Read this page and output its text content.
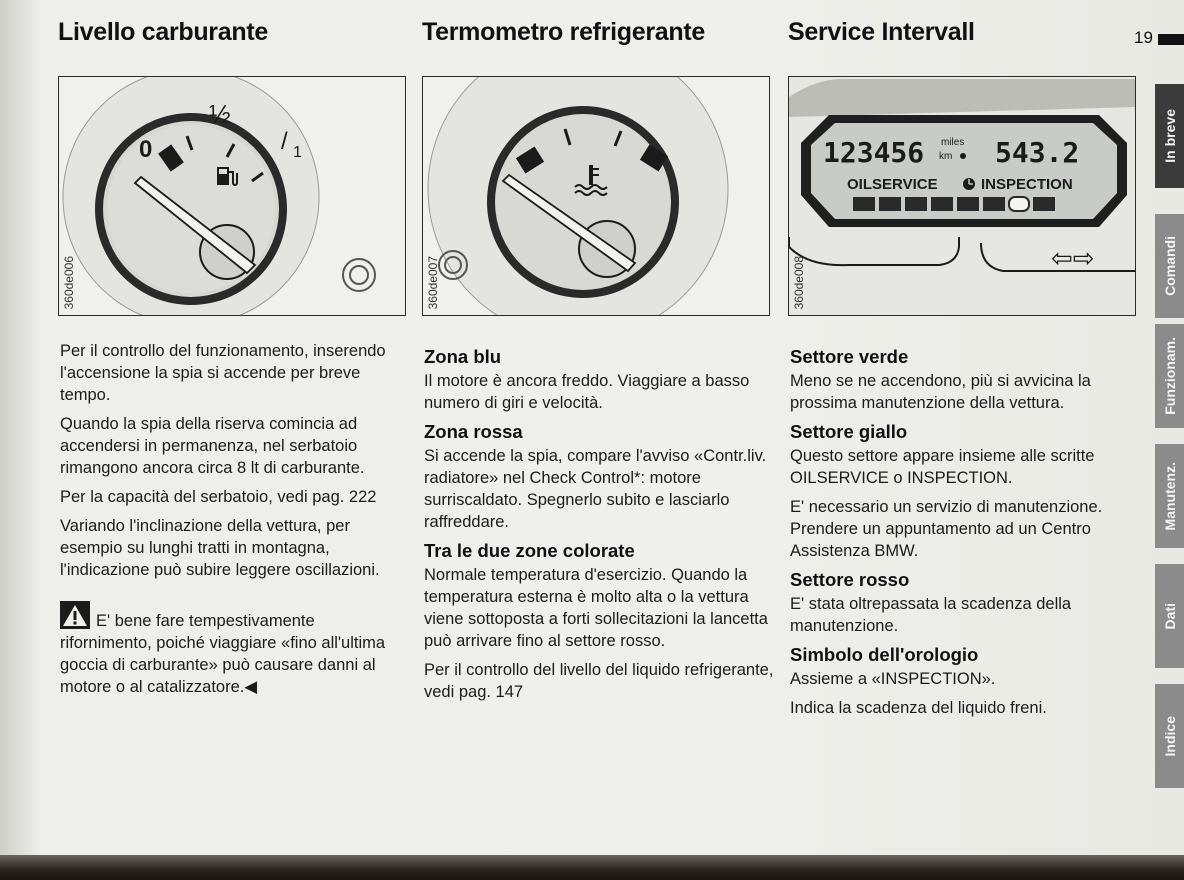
Livello carburante
0
½
/ 1
360de006

Per il controllo del funzionamento, inserendo l'accensione la spia si accende per breve tempo.

Quando la spia della riserva comincia ad accendersi in permanenza, nel serbatoio rimangono ancora circa 8 lt di carburante.

Per la capacità del serbatoio, vedi pag. 222

Variando l'inclinazione della vettura, per esempio su lunghi tratti in montagna, l'indicazione può subire leggere oscillazioni.

E' bene fare tempestivamente rifornimento, poiché viaggiare «fino all'ultima goccia di carburante» può causare danni al motore o al catalizzatore.◀
Termometro refrigerante
360de007
Zona blu

Il motore è ancora freddo. Viaggiare a basso numero di giri e velocità.

Zona rossa

Si accende la spia, compare l'avviso «Contr.liv. radiatore» nel Check Control*: motore surriscaldato. Spegnerlo subito e lasciarlo raffreddare.

Tra le due zone colorate

Normale temperatura d'esercizio. Quando la temperatura esterna è molto alta o la vettura viene sottoposta a forti sollecitazioni la lancetta può arrivare fino al settore rosso.

Per il controllo del livello del liquido refrigerante, vedi pag. 147

Service Intervall	19
123456 miles
km 543.2
OILSERVICE	INSPECTION
⇦⇨
360de008
Settore verde

Meno se ne accendono, più si avvicina la prossima manutenzione della vettura.

Settore giallo

Questo settore appare insieme alle scritte OILSERVICE o INSPECTION.

E' necessario un servizio di manutenzione. Prendere un appuntamento ad un Centro Assistenza BMW.

Settore rosso

E' stata oltrepassata la scadenza della manutenzione.

Simbolo dell'orologio

Assieme a «INSPECTION».

Indica la scadenza del liquido freni.

In breve
Comandi
Funzionam.
Manutenz.
Dati
Indice
